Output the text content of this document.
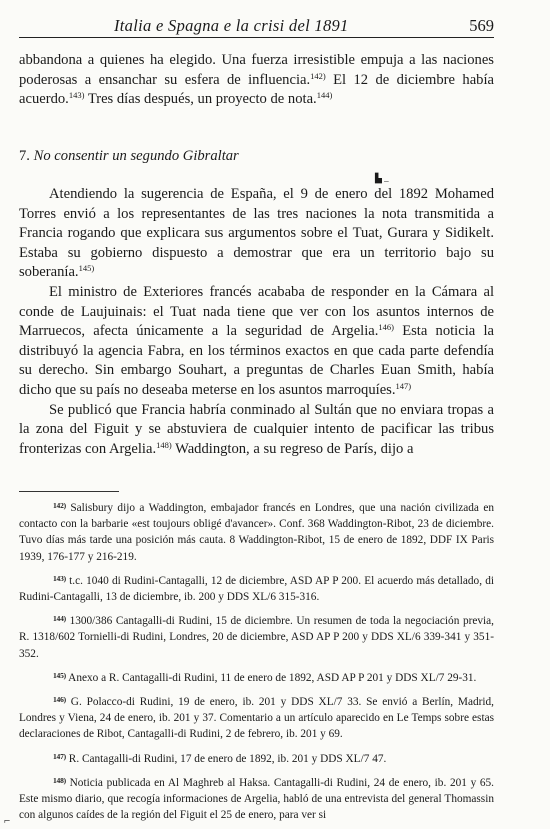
Italia e Spagna e la crisi del 1891	569

abbandona a quienes ha elegido. Una fuerza irresistible empuja a las naciones poderosas a ensanchar su esfera de influencia.$^{142)}$ El 12 de diciembre había acuerdo.$^{143)}$ Tres días después, un proyecto de nota.$^{144)}$

7. No consentir un segundo Gibraltar
▙ _

Atendiendo la sugerencia de España, el 9 de enero del 1892 Mohamed Torres envió a los representantes de las tres naciones la nota transmitida a Francia rogando que explicara sus argumentos sobre el Tuat, Gurara y Sidikelt. Estaba su gobierno dispuesto a demostrar que era un territorio bajo su soberanía.$^{145)}$

El ministro de Exteriores francés acababa de responder en la Cámara al conde de Laujuinais: el Tuat nada tiene que ver con los asuntos internos de Marruecos, afecta únicamente a la seguridad de Argelia.$^{146)}$ Esta noticia la distribuyó la agencia Fabra, en los términos exactos en que cada parte defendía su derecho. Sin embargo Souhart, a preguntas de Charles Euan Smith, había dicho que su país no deseaba meterse en los asuntos marroquíes.$^{147)}$

Se publicó que Francia habría conminado al Sultán que no enviara tropas a la zona del Figuit y se abstuviera de cualquier intento de pacificar las tribus fronterizas con Argelia.$^{148)}$ Waddington, a su regreso de París, dijo a

$^{142)}$ Salisbury dijo a Waddington, embajador francés en Londres, que una nación civilizada en contacto con la barbarie «est toujours obligé d'avancer». Conf. 368 Waddington-Ribot, 23 de diciembre. Tuvo días más tarde una posición más cauta. 8 Waddington-Ribot, 15 de enero de 1892, DDF IX Paris 1939, 176-177 y 216-219.

$^{143)}$ t.c. 1040 di Rudini-Cantagalli, 12 de diciembre, ASD AP P 200. El acuerdo más detallado, di Rudini-Cantagalli, 13 de diciembre, ib. 200 y DDS XL/6 315-316.

$^{144)}$ 1300/386 Cantagalli-di Rudini, 15 de diciembre. Un resumen de toda la negociación previa, R. 1318/602 Tornielli-di Rudini, Londres, 20 de diciembre, ASD AP P 200 y DDS XL/6 339-341 y 351-352.

$^{145)}$ Anexo a R. Cantagalli-di Rudini, 11 de enero de 1892, ASD AP P 201 y DDS XL/7 29-31.

$^{146)}$ G. Polacco-di Rudini, 19 de enero, ib. 201 y DDS XL/7 33. Se envió a Berlín, Madrid, Londres y Viena, 24 de enero, ib. 201 y 37. Comentario a un artículo aparecido en Le Temps sobre estas declaraciones de Ribot, Cantagalli-di Rudini, 2 de febrero, ib. 201 y 69.

$^{147)}$ R. Cantagalli-di Rudini, 17 de enero de 1892, ib. 201 y DDS XL/7 47.

$^{148)}$ Noticia publicada en Al Maghreb al Haksa. Cantagalli-di Rudini, 24 de enero, ib. 201 y 65. Este mismo diario, que recogía informaciones de Argelia, habló de una entrevista del general Thomassin con algunos caídes de la región del Figuit el 25 de enero, para ver si

⌐
